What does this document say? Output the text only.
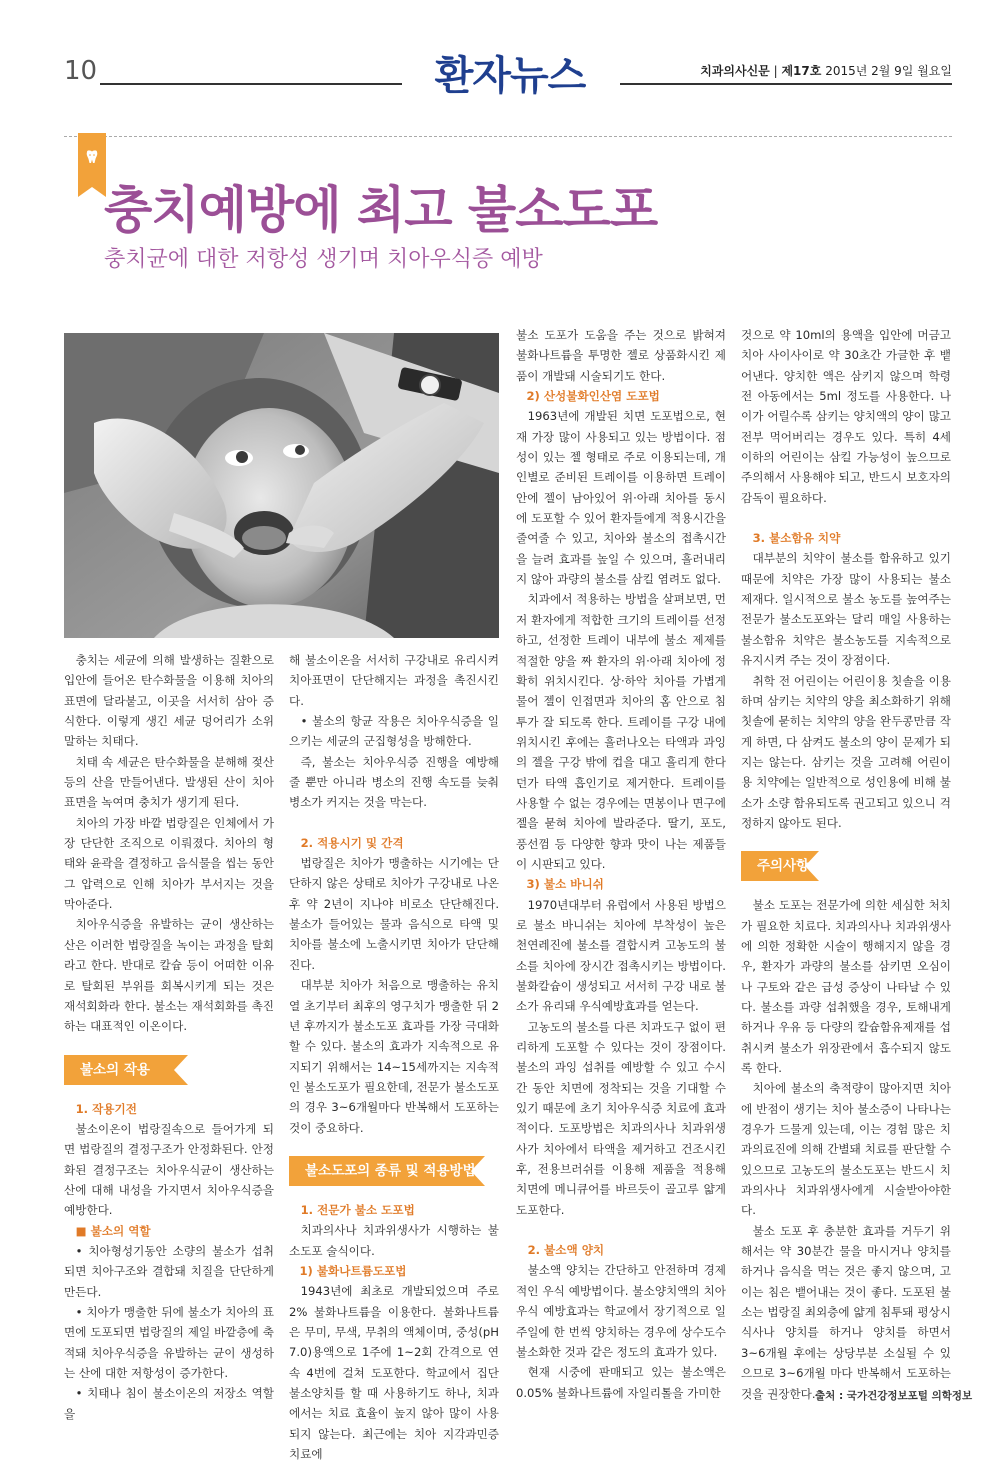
10	환자뉴스	치과의사신문 | 제17호 2015년 2월 9일 월요일
충치예방에 최고 불소도포
충치균에 대한 저항성 생기며 치아우식증 예방

충치는 세균에 의해 발생하는 질환으로 입안에 들어온 탄수화물을 이용해 치아의 표면에 달라붙고, 이곳을 서서히 삼아 증식한다. 이렇게 생긴 세균 덩어리가 소위 말하는 치태다.

치태 속 세균은 탄수화물을 분해해 젖산 등의 산을 만들어낸다. 발생된 산이 치아 표면을 녹여며 충치가 생기게 된다.

치아의 가장 바깥 법랑질은 인체에서 가장 단단한 조직으로 이뤄졌다. 치아의 형태와 윤곽을 결정하고 음식물을 씹는 동안 그 압력으로 인해 치아가 부서지는 것을 막아준다.

치아우식증을 유발하는 균이 생산하는 산은 이러한 법랑질을 녹이는 과정을 탈회라고 한다. 반대로 칼슘 등이 어떠한 이유로 탈회된 부위를 회복시키게 되는 것은 재석회화라 한다. 불소는 재석회화를 촉진하는 대표적인 이온이다.

불소의 작용

1. 작용기전

불소이온이 법랑질속으로 들어가게 되면 법랑질의 결정구조가 안정화된다. 안정화된 결정구조는 치아우식균이 생산하는 산에 대해 내성을 가지면서 치아우식증을 예방한다.

■ 불소의 역할

• 치아형성기동안 소량의 불소가 섭취되면 치아구조와 결합돼 치질을 단단하게 만든다.

• 치아가 맹출한 뒤에 불소가 치아의 표면에 도포되면 법랑질의 제일 바깥층에 축적돼 치아우식증을 유발하는 균이 생성하는 산에 대한 저항성이 증가한다.

• 치태나 침이 불소이온의 저장소 역할을

해 불소이온을 서서히 구강내로 유리시켜 치아표면이 단단해지는 과정을 촉진시킨다.

• 불소의 항균 작용은 치아우식증을 일으키는 세균의 군집형성을 방해한다.

즉, 불소는 치아우식증 진행을 예방해 줄 뿐만 아니라 병소의 진행 속도를 늦춰 병소가 커지는 것을 막는다.

2. 적용시기 및 간격

법랑질은 치아가 맹출하는 시기에는 단단하지 않은 상태로 치아가 구강내로 나온 후 약 2년이 지나야 비로소 단단해진다. 불소가 들어있는 물과 음식으로 타액 및 치아를 불소에 노출시키면 치아가 단단해진다.

대부분 치아가 처음으로 맹출하는 유치열 초기부터 최후의 영구치가 맹출한 뒤 2년 후까지가 불소도포 효과를 가장 극대화 할 수 있다. 불소의 효과가 지속적으로 유지되기 위해서는 14~15세까지는 지속적인 불소도포가 필요한데, 전문가 불소도포의 경우 3~6개월마다 반복해서 도포하는 것이 중요하다.

불소도포의 종류 및 적용방법

1. 전문가 불소 도포법

치과의사나 치과위생사가 시행하는 불소도포 술식이다.

1) 불화나트륨도포법

1943년에 최초로 개발되었으며 주로 2% 불화나트륨을 이용한다. 불화나트륨은 무미, 무색, 무취의 액체이며, 중성(pH 7.0)용액으로 1주에 1~2회 간격으로 연속 4번에 걸쳐 도포한다. 학교에서 집단 불소양치를 할 때 사용하기도 하나, 치과에서는 치료 효율이 높지 않아 많이 사용되지 않는다. 최근에는 치아 지각과민증 치료에

불소 도포가 도움을 주는 것으로 밝혀져 불화나트륨을 투명한 젤로 상품화시킨 제품이 개발돼 시술되기도 한다.

2) 산성불화인산염 도포법

1963년에 개발된 치면 도포법으로, 현재 가장 많이 사용되고 있는 방법이다. 점성이 있는 젤 형태로 주로 이용되는데, 개인별로 준비된 트레이를 이용하면 트레이 안에 젤이 남아있어 위·아래 치아를 동시에 도포할 수 있어 환자들에게 적용시간을 줄여줄 수 있고, 치아와 불소의 접촉시간을 늘려 효과를 높일 수 있으며, 흘러내리지 않아 과량의 불소를 삼킬 염려도 없다.

치과에서 적용하는 방법을 살펴보면, 먼저 환자에게 적합한 크기의 트레이를 선정하고, 선정한 트레이 내부에 불소 제제를 적절한 양을 짜 환자의 위·아래 치아에 정확히 위치시킨다. 상·하악 치아를 가볍게 물어 젤이 인접면과 치아의 홈 안으로 침투가 잘 되도록 한다. 트레이를 구강 내에 위치시킨 후에는 흘러나오는 타액과 과잉의 젤을 구강 밖에 컵을 대고 흘리게 한다던가 타액 흡인기로 제거한다. 트레이를 사용할 수 없는 경우에는 면봉이나 면구에 젤을 묻혀 치아에 발라준다. 딸기, 포도, 풍선껌 등 다양한 향과 맛이 나는 제품들이 시판되고 있다.

3) 불소 바니쉬

1970년대부터 유럽에서 사용된 방법으로 불소 바니쉬는 치아에 부착성이 높은 천연레진에 불소를 결합시켜 고농도의 불소를 치아에 장시간 접촉시키는 방법이다. 불화칼슘이 생성되고 서서히 구강 내로 불소가 유리돼 우식예방효과를 얻는다.

고농도의 불소를 다른 치과도구 없이 편리하게 도포할 수 있다는 것이 장점이다. 불소의 과잉 섭취를 예방할 수 있고 수시간 동안 치면에 정착되는 것을 기대할 수 있기 때문에 초기 치아우식증 치료에 효과적이다. 도포방법은 치과의사나 치과위생사가 치아에서 타액을 제거하고 건조시킨 후, 전용브러쉬를 이용해 제품을 적용해 치면에 메니큐어를 바르듯이 골고루 얇게 도포한다.

2. 불소액 양치

불소액 양치는 간단하고 안전하며 경제적인 우식 예방법이다. 불소양치액의 치아우식 예방효과는 학교에서 장기적으로 일주일에 한 번씩 양치하는 경우에 상수도수 불소화한 것과 같은 정도의 효과가 있다.

현재 시중에 판매되고 있는 불소액은 0.05% 불화나트륨에 자일리톨을 가미한

것으로 약 10ml의 용액을 입안에 머금고 치아 사이사이로 약 30초간 가글한 후 뱉어낸다. 양치한 액은 삼키지 않으며 학령전 아동에서는 5ml 정도를 사용한다. 나이가 어릴수록 삼키는 양치액의 양이 많고 전부 먹어버리는 경우도 있다. 특히 4세 이하의 어린이는 삼킬 가능성이 높으므로 주의해서 사용해야 되고, 반드시 보호자의 감독이 필요하다.

3. 불소함유 치약

대부분의 치약이 불소를 함유하고 있기 때문에 치약은 가장 많이 사용되는 불소 제재다. 일시적으로 불소 농도를 높여주는 전문가 불소도포와는 달리 매일 사용하는 불소함유 치약은 불소농도를 지속적으로 유지시켜 주는 것이 장점이다.

취학 전 어린이는 어린이용 칫솔을 이용하며 삼키는 치약의 양을 최소화하기 위해 칫솔에 묻히는 치약의 양을 완두콩만큼 작게 하면, 다 삼켜도 불소의 양이 문제가 되지는 않는다. 삼키는 것을 고려해 어린이용 치약에는 일반적으로 성인용에 비해 불소가 소량 함유되도록 권고되고 있으니 걱정하지 않아도 된다.

주의사항

불소 도포는 전문가에 의한 세심한 처치가 필요한 치료다. 치과의사나 치과위생사에 의한 정확한 시술이 행해지지 않을 경우, 환자가 과량의 불소를 삼키면 오심이나 구토와 같은 급성 증상이 나타날 수 있다. 불소를 과량 섭취했을 경우, 토해내게 하거나 우유 등 다량의 칼슘함유제재를 섭취시켜 불소가 위장관에서 흡수되지 않도록 한다.

치아에 불소의 축적량이 많아지면 치아에 반점이 생기는 치아 불소증이 나타나는 경우가 드물게 있는데, 이는 경험 많은 치과의료진에 의해 간별돼 치료를 판단할 수 있으므로 고농도의 불소도포는 반드시 치과의사나 치과위생사에게 시술받아야한다.

불소 도포 후 충분한 효과를 거두기 위해서는 약 30분간 물을 마시거나 양치를 하거나 음식을 먹는 것은 좋지 않으며, 고이는 침은 뱉어내는 것이 좋다. 도포된 불소는 법랑질 최외층에 얇게 침투돼 평상시 식사나 양치를 하거나 양치를 하면서 3~6개월 후에는 상당부분 소실될 수 있으므로 3~6개월 마다 반복해서 도포하는 것을 권장한다. 출처 : 국가건강정보포털 의학정보
